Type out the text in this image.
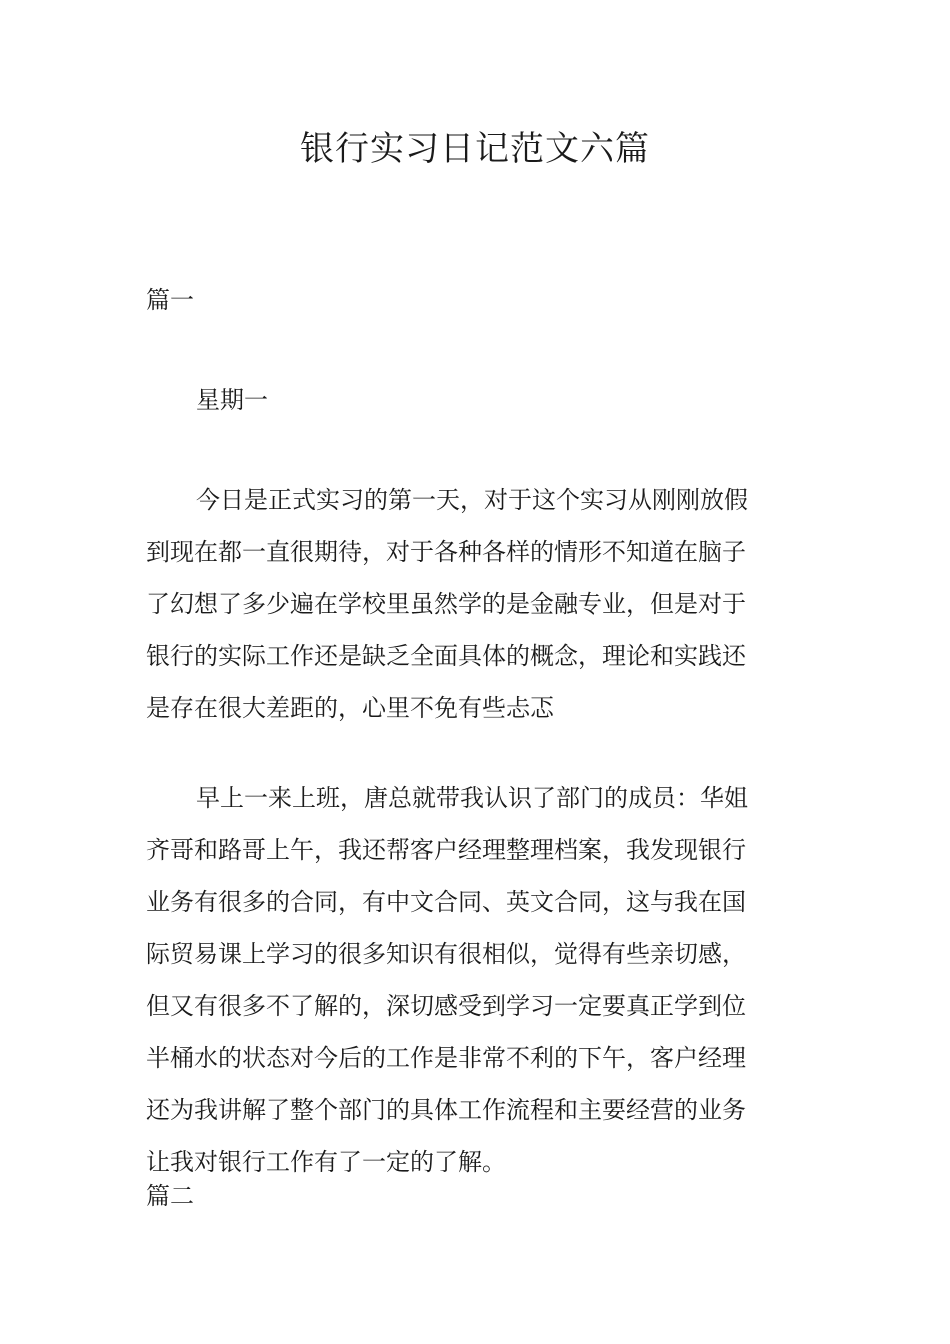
银行实习日记范文六篇
篇一
星期一
今日是正式实习的第一天，对于这个实习从刚刚放假
到现在都一直很期待，对于各种各样的情形不知道在脑子
了幻想了多少遍在学校里虽然学的是金融专业，但是对于
银行的实际工作还是缺乏全面具体的概念，理论和实践还
是存在很大差距的，心里不免有些忐忑
早上一来上班，唐总就带我认识了部门的成员：华姐
齐哥和路哥上午，我还帮客户经理整理档案，我发现银行
业务有很多的合同，有中文合同、英文合同，这与我在国
际贸易课上学习的很多知识有很相似，觉得有些亲切感，
但又有很多不了解的，深切感受到学习一定要真正学到位
半桶水的状态对今后的工作是非常不利的下午，客户经理
还为我讲解了整个部门的具体工作流程和主要经营的业务
让我对银行工作有了一定的了解。
篇二
